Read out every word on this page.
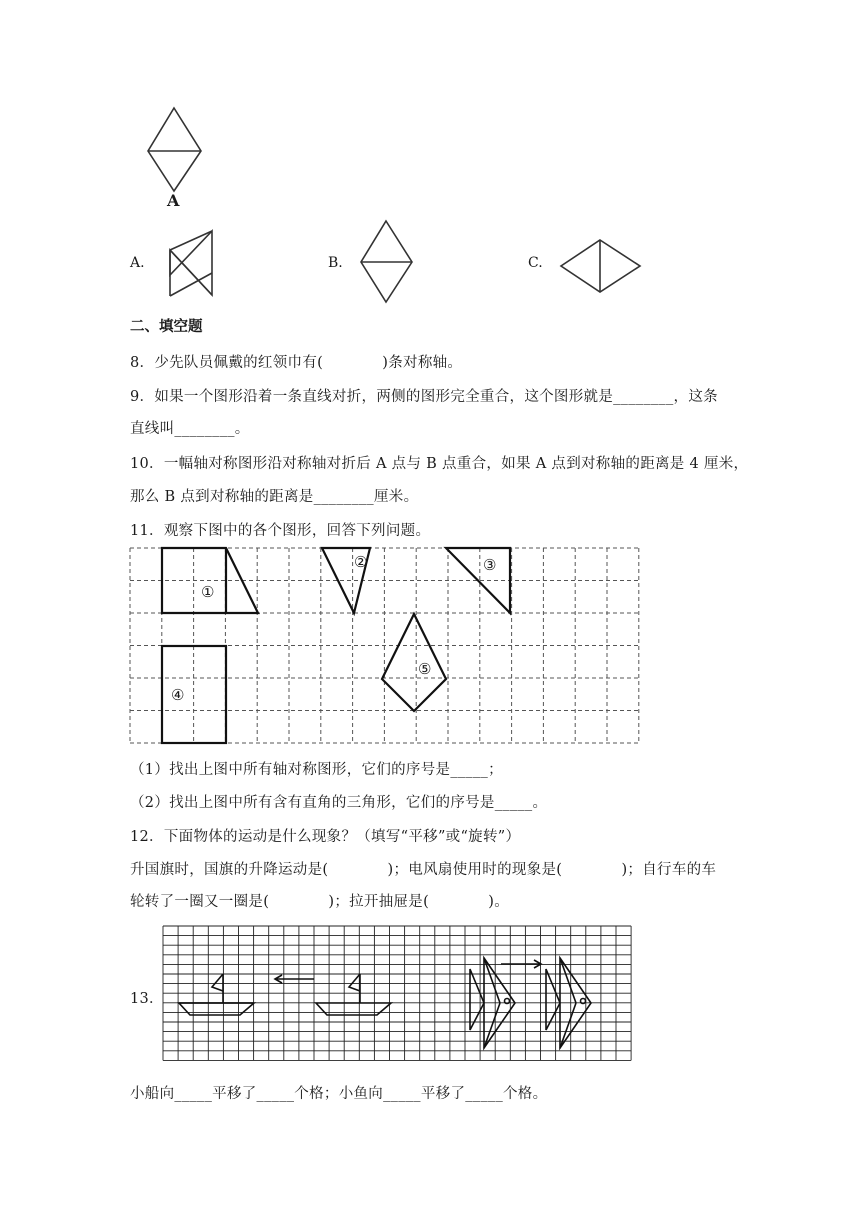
A
A.	B.	C.
二、填空题
8．少先队员佩戴的红领巾有(　　　　)条对称轴。
9．如果一个图形沿着一条直线对折，两侧的图形完全重合，这个图形就是________，这条
直线叫________。
10．一幅轴对称图形沿对称轴对折后 A 点与 B 点重合，如果 A 点到对称轴的距离是 4 厘米，
那么 B 点到对称轴的距离是________厘米。
11．观察下图中的各个图形，回答下列问题。
①
②	③
④
⑤
（1）找出上图中所有轴对称图形，它们的序号是_____；
（2）找出上图中所有含有直角的三角形，它们的序号是_____。
12．下面物体的运动是什么现象？（填写“平移”或“旋转”）
升国旗时，国旗的升降运动是(　　　　)；电风扇使用时的现象是(　　　　)；自行车的车
轮转了一圈又一圈是(　　　　)；拉开抽屉是(　　　　)。
13．
小船向_____平移了_____个格；小鱼向_____平移了_____个格。
